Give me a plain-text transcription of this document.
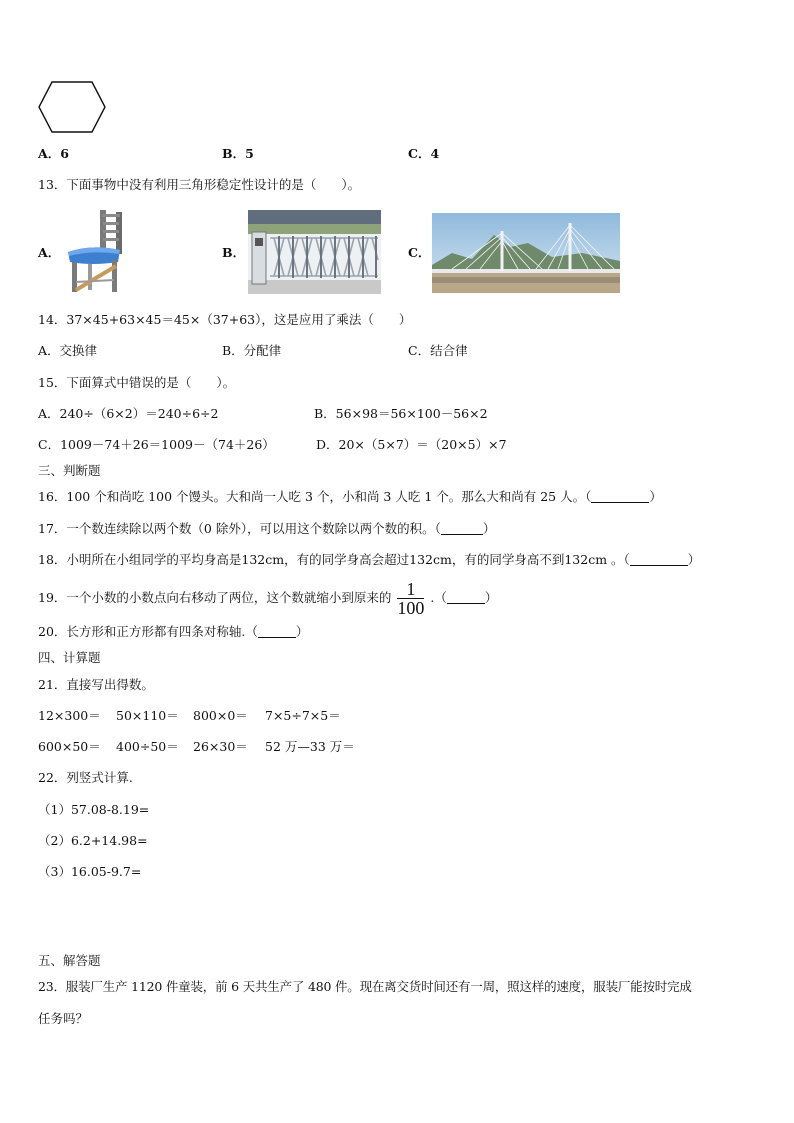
A．6	B．5	C．4
13．下面事物中没有利用三角形稳定性设计的是（　　）。
A．	B．	C．
14．37×45+63×45＝45×（37+63），这是应用了乘法（　　）
A．交换律	B．分配律	C．结合律
15．下面算式中错误的是（　　）。
A．240÷（6×2）＝240÷6÷2	B．56×98＝56×100－56×2
C．1009－74＋26＝1009－（74＋26）	D．20×（5×7）＝（20×5）×7
三、判断题
16．100 个和尚吃 100 个馒头。大和尚一人吃 3 个，小和尚 3 人吃 1 个。那么大和尚有 25 人。（	）
17．一个数连续除以两个数（0 除外），可以用这个数除以两个数的积。（	）
18．小明所在小组同学的平均身高是132cm，有的同学身高会超过132cm，有的同学身高不到132cm 。（	）
19．一个小数的小数点向右移动了两位，这个数就缩小到原来的 $\frac{1}{100}$ .（	）
20．长方形和正方形都有四条对称轴.（	）
四、计算题
21．直接写出得数。
12×300＝ 50×110＝ 800×0＝ 7×5÷7×5＝
600×50＝ 400÷50＝ 26×30＝ 52 万—33 万＝
22．列竖式计算.
（1）57.08-8.19=
（2）6.2+14.98=
（3）16.05-9.7=
五、解答题
23．服装厂生产 1120 件童装，前 6 天共生产了 480 件。现在离交货时间还有一周，照这样的速度，服装厂能按时完成
任务吗？
